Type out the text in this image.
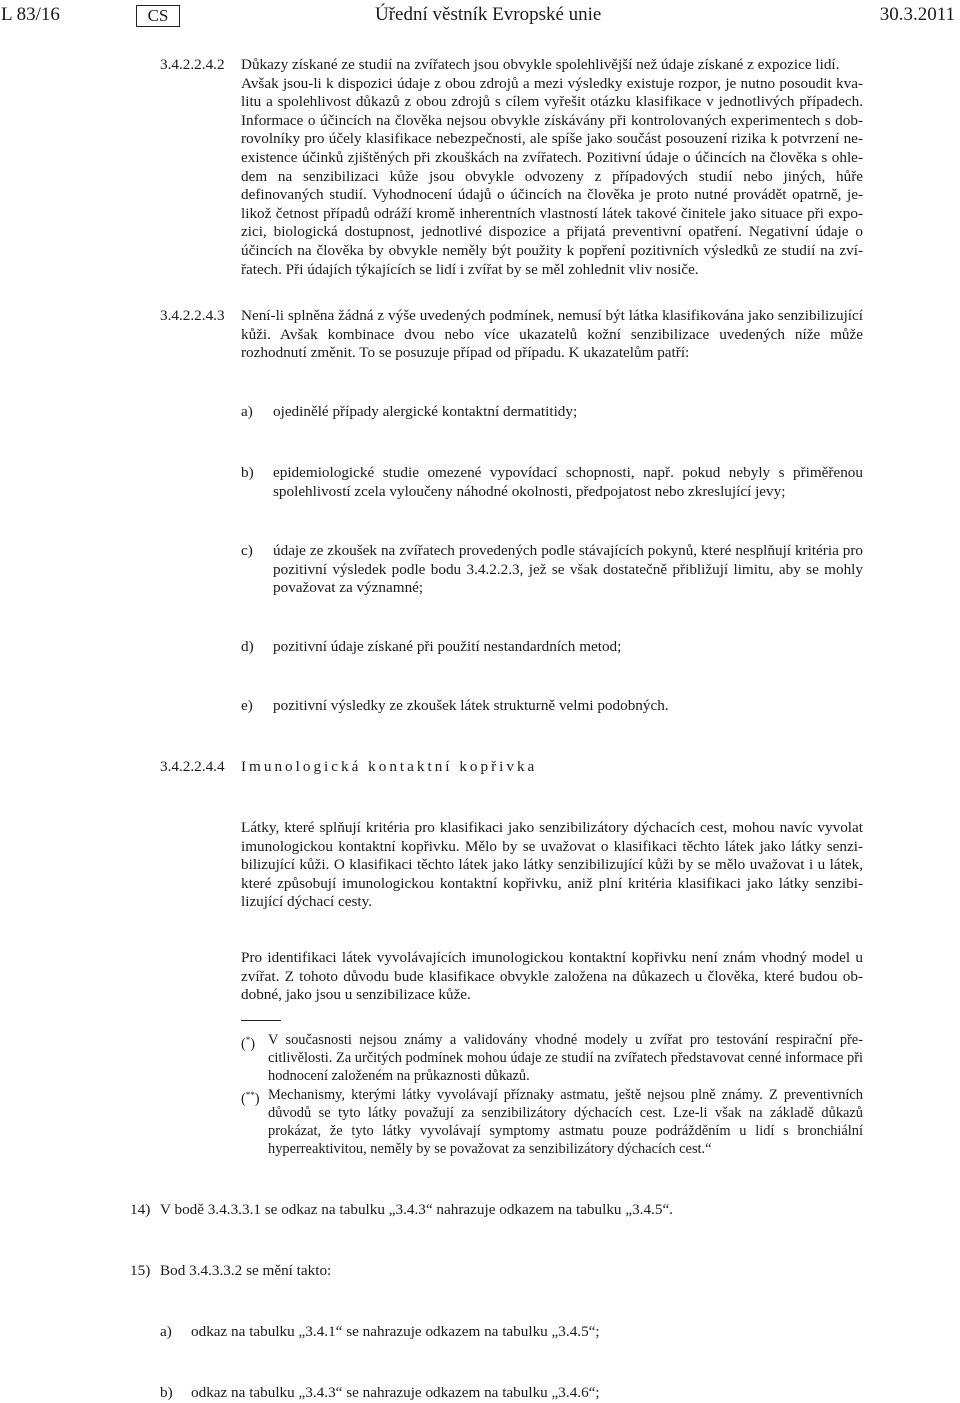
L 83/16	CS	Úřední věstník Evropské unie	30.3.2011
3.4.2.2.4.2 Důkazy získané ze studií na zvířatech jsou obvykle spolehlivější než údaje získané z expozice lidí.
Avšak jsou-li k dispozici údaje z obou zdrojů a mezi výsledky existuje rozpor, je nutno posoudit kvalitu a spolehlivost důkazů z obou zdrojů s cílem vyřešit otázku klasifikace v jednotlivých případech. Informace o účincích na člověka nejsou obvykle získávány při kontrolovaných experimentech s dobrovolníky pro účely klasifikace nebezpečnosti, ale spíše jako součást posouzení rizika k potvrzení neexistence účinků zjištěných při zkouškách na zvířatech. Pozitivní údaje o účincích na člověka s ohledem na senzibilizaci kůže jsou obvykle odvozeny z případových studií nebo jiných, hůře definovaných studií. Vyhodnocení údajů o účincích na člověka je proto nutné provádět opatrně, jelikož četnost případů odráží kromě inherentních vlastností látek takové činitele jako situace při expozici, biologická dostupnost, jednotlivé dispozice a přijatá preventivní opatření. Negativní údaje o účincích na člověka by obvykle neměly být použity k popření pozitivních výsledků ze studií na zvířatech. Při údajích týkajících se lidí i zvířat by se měl zohlednit vliv nosiče.
3.4.2.2.4.3 Není-li splněna žádná z výše uvedených podmínek, nemusí být látka klasifikována jako senzibilizující kůži. Avšak kombinace dvou nebo více ukazatelů kožní senzibilizace uvedených níže může rozhodnutí změnit. To se posuzuje případ od případu. K ukazatelům patří:
a) ojedinělé případy alergické kontaktní dermatitidy;
b) epidemiologické studie omezené vypovídací schopnosti, např. pokud nebyly s přiměřenou spolehlivostí zcela vyloučeny náhodné okolnosti, předpojatost nebo zkreslující jevy;
c) údaje ze zkoušek na zvířatech provedených podle stávajících pokynů, které nesplňují kritéria pro pozitivní výsledek podle bodu 3.4.2.2.3, jež se však dostatečně přibližují limitu, aby se mohly považovat za významné;
d) pozitivní údaje získané při použití nestandardních metod;
e) pozitivní výsledky ze zkoušek látek strukturně velmi podobných.
3.4.2.2.4.4 Imunologická kontaktní kopřivka
Látky, které splňují kritéria pro klasifikaci jako senzibilizátory dýchacích cest, mohou navíc vyvolat imunologickou kontaktní kopřivku. Mělo by se uvažovat o klasifikaci těchto látek jako látky senzibilizující kůži. O klasifikaci těchto látek jako látky senzibilizující kůži by se mělo uvažovat i u látek, které způsobují imunologickou kontaktní kopřivku, aniž plní kritéria klasifikaci jako látky senzibilizující dýchací cesty.
Pro identifikaci látek vyvolávajících imunologickou kontaktní kopřivku není znám vhodný model u zvířat. Z tohoto důvodu bude klasifikace obvykle založena na důkazech u člověka, které budou obdobné, jako jsou u senzibilizace kůže.
(*) V současnosti nejsou známy a validovány vhodné modely u zvířat pro testování respirační přecitlivělosti. Za určitých podmínek mohou údaje ze studií na zvířatech představovat cenné informace při hodnocení založeném na průkaznosti důkazů.
(**) Mechanismy, kterými látky vyvolávají příznaky astmatu, ještě nejsou plně známy. Z preventivních důvodů se tyto látky považují za senzibilizátory dýchacích cest. Lze-li však na základě důkazů prokázat, že tyto látky vyvolávají symptomy astmatu pouze podrážděním u lidí s bronchiální hyperreaktivitou, neměly by se považovat za senzibilizátory dýchacích cest.“
14) V bodě 3.4.3.3.1 se odkaz na tabulku „3.4.3“ nahrazuje odkazem na tabulku „3.4.5“.
15) Bod 3.4.3.3.2 se mění takto:
a) odkaz na tabulku „3.4.1“ se nahrazuje odkazem na tabulku „3.4.5“;
b) odkaz na tabulku „3.4.3“ se nahrazuje odkazem na tabulku „3.4.6“;
